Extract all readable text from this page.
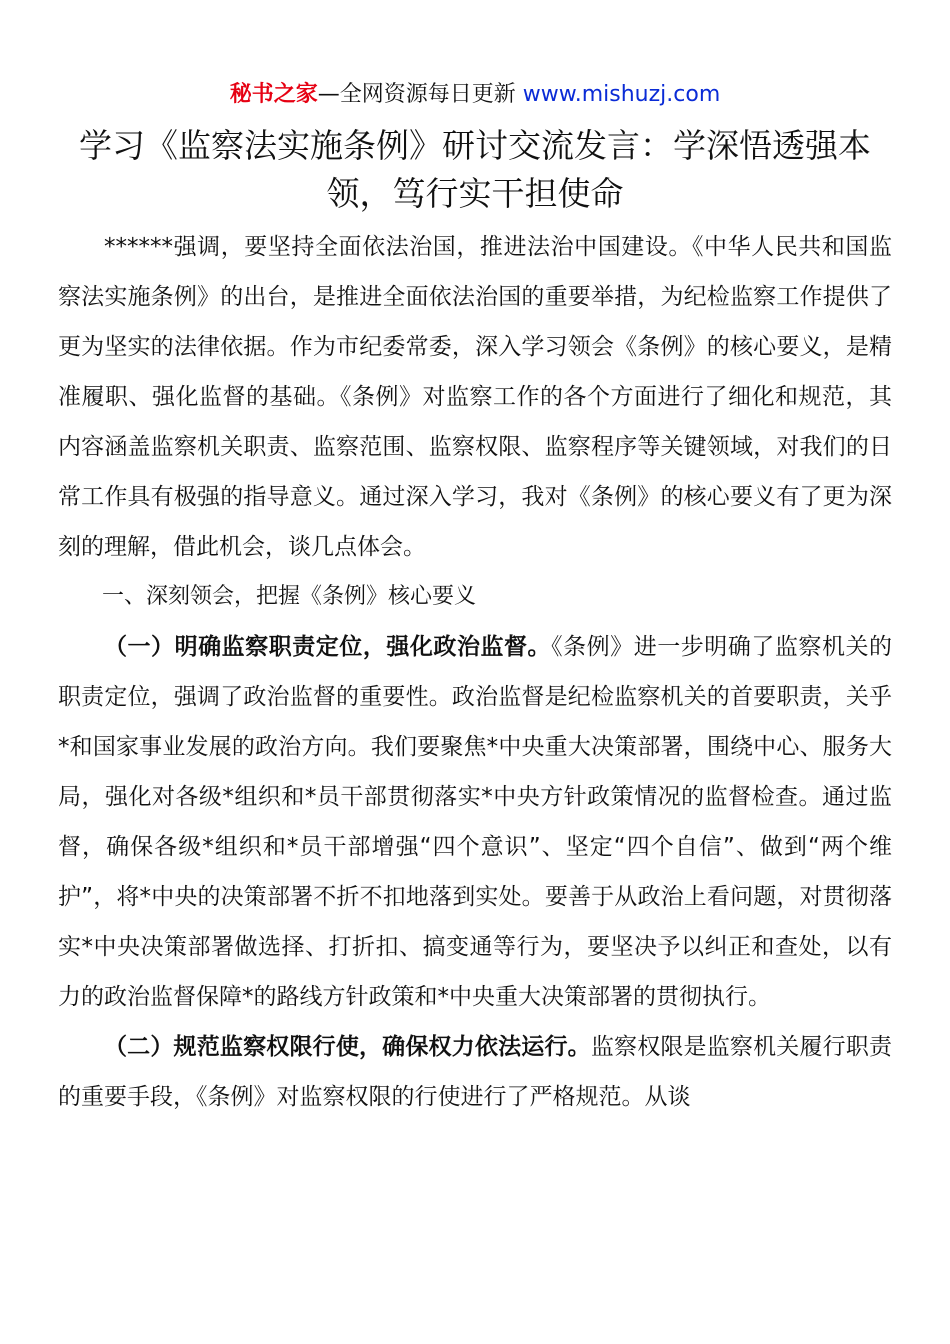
秘书之家—全网资源每日更新 www.mishuzj.com
学习《监察法实施条例》研讨交流发言：学深悟透强本领，笃行实干担使命

******强调，要坚持全面依法治国，推进法治中国建设。《中华人民共和国监察法实施条例》的出台，是推进全面依法治国的重要举措，为纪检监察工作提供了更为坚实的法律依据。作为市纪委常委，深入学习领会《条例》的核心要义，是精准履职、强化监督的基础。《条例》对监察工作的各个方面进行了细化和规范，其内容涵盖监察机关职责、监察范围、监察权限、监察程序等关键领域，对我们的日常工作具有极强的指导意义。通过深入学习，我对《条例》的核心要义有了更为深刻的理解，借此机会，谈几点体会。

一、深刻领会，把握《条例》核心要义

（一）明确监察职责定位，强化政治监督。《条例》进一步明确了监察机关的职责定位，强调了政治监督的重要性。政治监督是纪检监察机关的首要职责，关乎*和国家事业发展的政治方向。我们要聚焦*中央重大决策部署，围绕中心、服务大局，强化对各级*组织和*员干部贯彻落实*中央方针政策情况的监督检查。通过监督，确保各级*组织和*员干部增强“四个意识”、坚定“四个自信”、做到“两个维护”，将*中央的决策部署不折不扣地落到实处。要善于从政治上看问题，对贯彻落实*中央决策部署做选择、打折扣、搞变通等行为，要坚决予以纠正和查处，以有力的政治监督保障*的路线方针政策和*中央重大决策部署的贯彻执行。

（二）规范监察权限行使，确保权力依法运行。监察权限是监察机关履行职责的重要手段，《条例》对监察权限的行使进行了严格规范。从谈
